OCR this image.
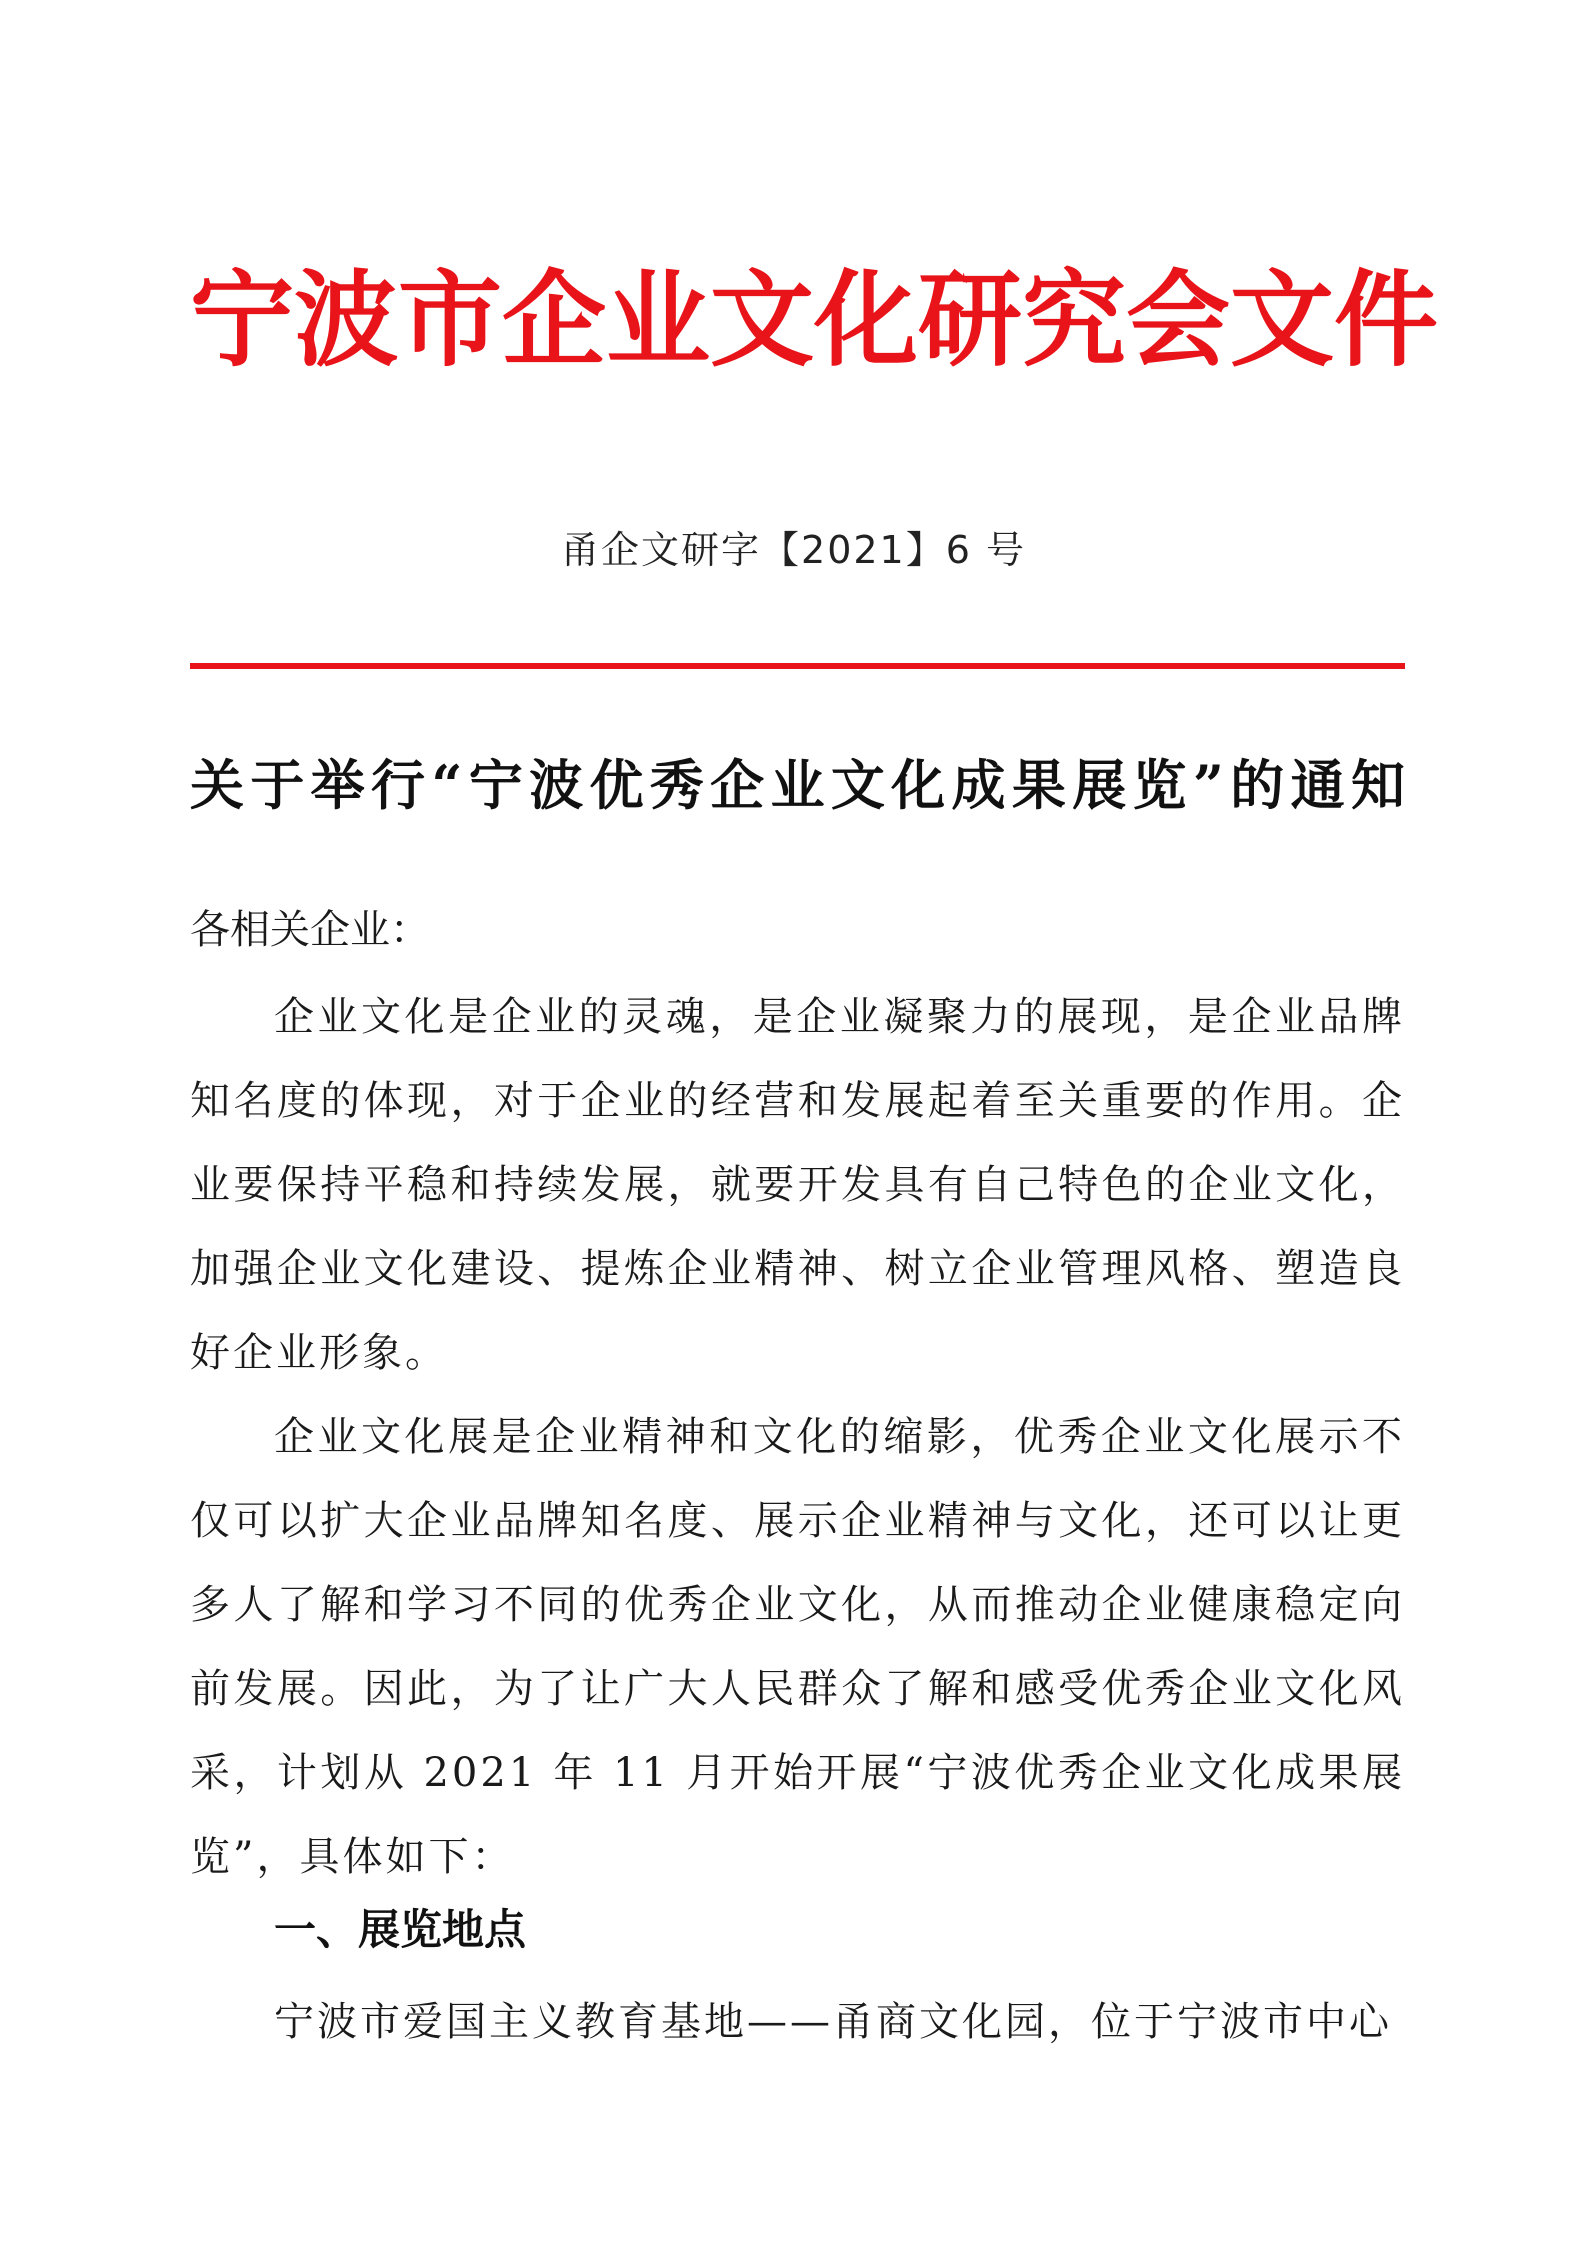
宁波市企业文化研究会文件
甬企文研字【2021】6 号
关于举行“宁波优秀企业文化成果展览”的通知
各相关企业：

企业文化是企业的灵魂，是企业凝聚力的展现，是企业品牌知名度的体现，对于企业的经营和发展起着至关重要的作用。企业要保持平稳和持续发展，就要开发具有自己特色的企业文化，加强企业文化建设、提炼企业精神、树立企业管理风格、塑造良好企业形象。

企业文化展是企业精神和文化的缩影，优秀企业文化展示不仅可以扩大企业品牌知名度、展示企业精神与文化，还可以让更多人了解和学习不同的优秀企业文化，从而推动企业健康稳定向前发展。因此，为了让广大人民群众了解和感受优秀企业文化风采，计划从 2021 年 11 月开始开展“宁波优秀企业文化成果展览”，具体如下：

一、展览地点

宁波市爱国主义教育基地——甬商文化园，位于宁波市中心
